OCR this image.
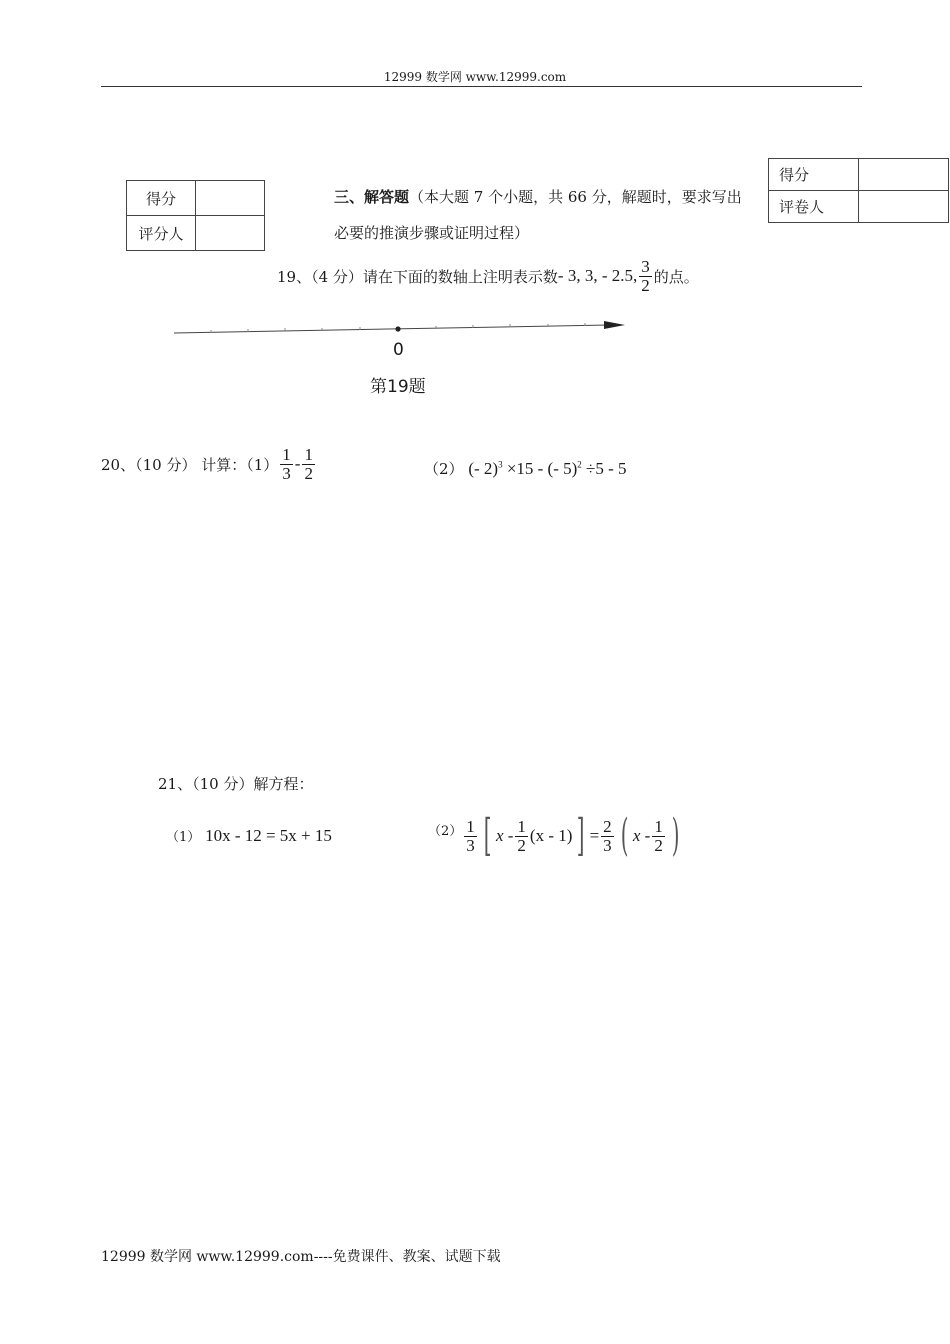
12999 数学网 www.12999.com
得分	
评分人	
得分	
评卷人	
三、解答题（本大题 7 个小题，共 66 分，解题时，要求写出
必要的推演步骤或证明过程）
19、（4 分）请在下面的数轴上注明表示数 - 3, 3, - 2.5, $\frac{3}{2}$ 的点。
0
第19题
20、（10 分） 计算：$(1) \frac{1}{3} - \frac{1}{2}$	（2） (- 2)$^3$ ×15 - (- 5)$^2$ ÷5 - 5
21、（10 分）解方程：
（1） 10x - 12 = 5x + 15	$(2) \frac{1}{3}$ [ x - $\frac{1}{2} (x - 1)$ ] = $\frac{2}{3}$ ( x - $\frac{1}{2}$ )
12999 数学网 www.12999.com----免费课件、教案、试题下载
